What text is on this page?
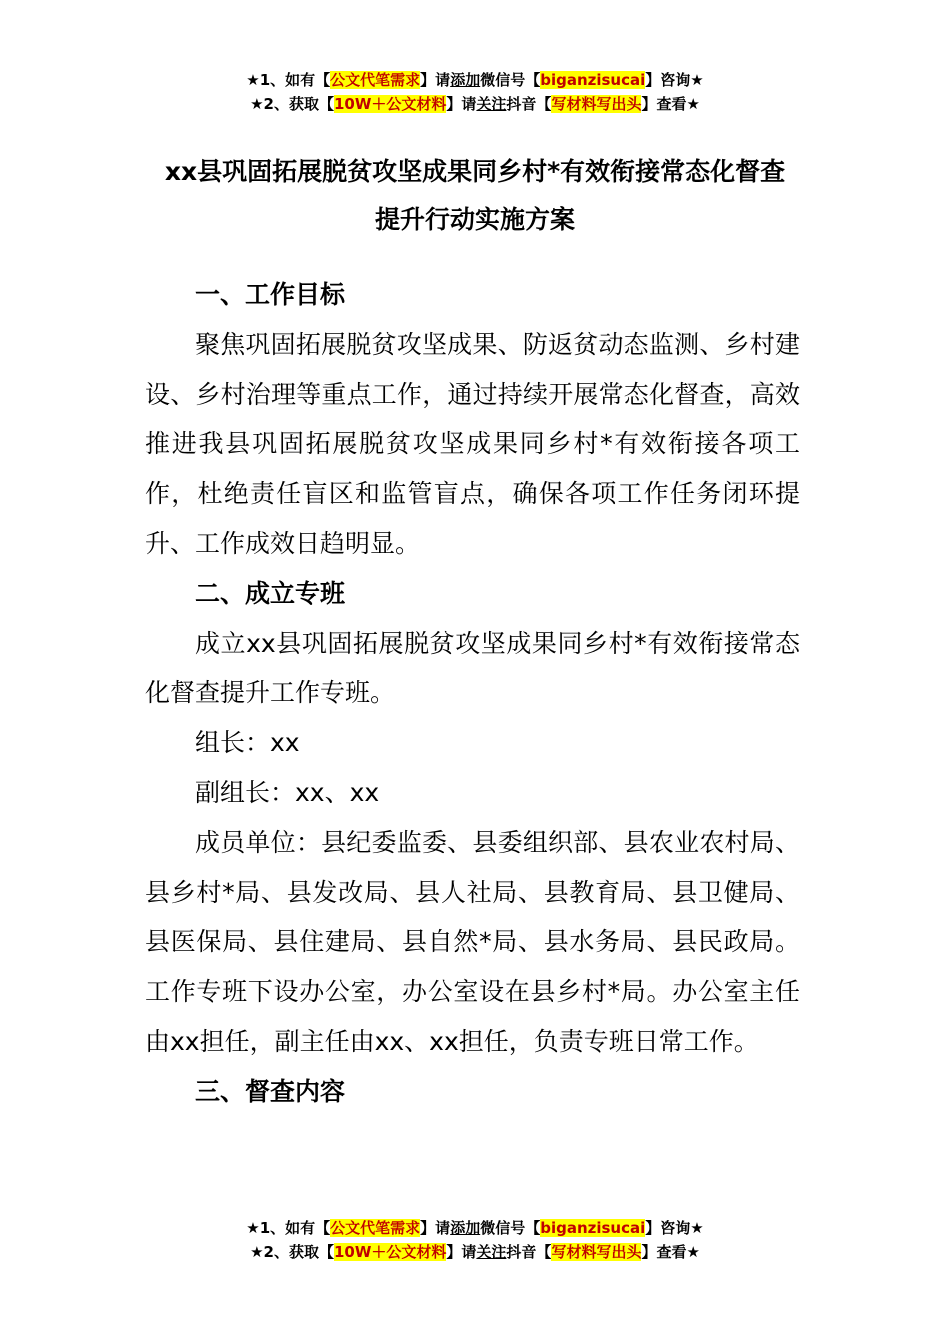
★1、如有【公文代笔需求】请添加微信号【biganzisucai】咨询★
★2、获取【10W＋公文材料】请关注抖音【写材料写出头】查看★
xx县巩固拓展脱贫攻坚成果同乡村*有效衔接常态化督查
提升行动实施方案

一、工作目标

聚焦巩固拓展脱贫攻坚成果、防返贫动态监测、乡村建设、乡村治理等重点工作，通过持续开展常态化督查，高效推进我县巩固拓展脱贫攻坚成果同乡村*有效衔接各项工作，杜绝责任盲区和监管盲点，确保各项工作任务闭环提升、工作成效日趋明显。

二、成立专班

成立xx县巩固拓展脱贫攻坚成果同乡村*有效衔接常态化督查提升工作专班。

组长：xx

副组长：xx、xx

成员单位：县纪委监委、县委组织部、县农业农村局、县乡村*局、县发改局、县人社局、县教育局、县卫健局、县医保局、县住建局、县自然*局、县水务局、县民政局。工作专班下设办公室，办公室设在县乡村*局。办公室主任由xx担任，副主任由xx、xx担任，负责专班日常工作。

三、督查内容

★1、如有【公文代笔需求】请添加微信号【biganzisucai】咨询★
★2、获取【10W＋公文材料】请关注抖音【写材料写出头】查看★
